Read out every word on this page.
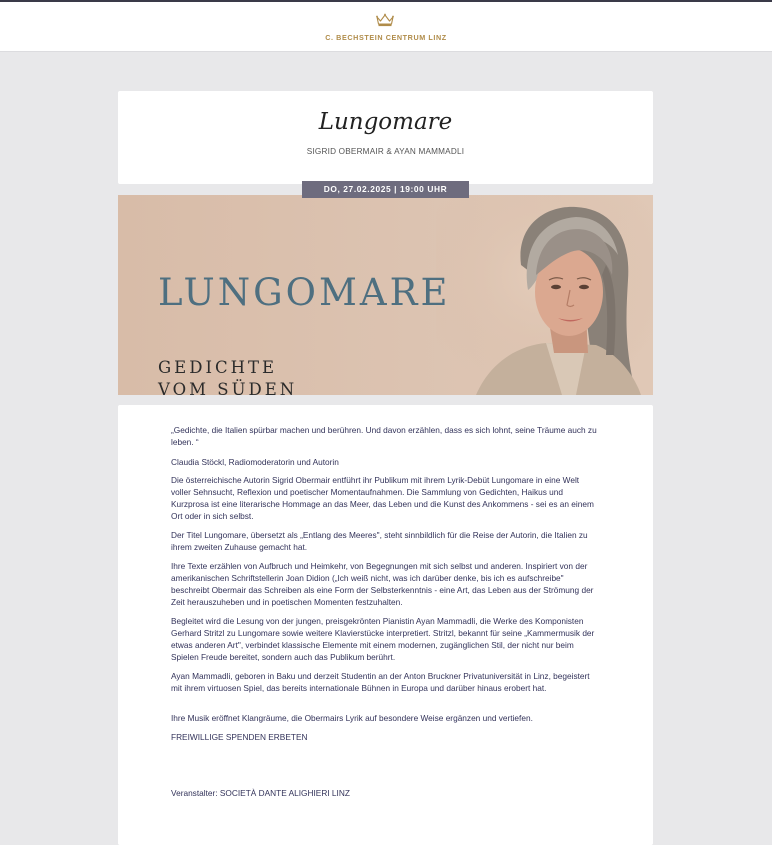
C. BECHSTEIN CENTRUM LINZ
Lungomare
SIGRID OBERMAIR & AYAN MAMMADLI
LUNGOMARE
GEDICHTE
VOM SÜDEN
DO, 27.02.2025 | 19:00 UHR

„Gedichte, die Italien spürbar machen und berühren. Und davon erzählen, dass es sich lohnt, seine Träume auch zu leben. “

Claudia Stöckl, Radiomoderatorin und Autorin

Die österreichische Autorin Sigrid Obermair entführt ihr Publikum mit ihrem Lyrik-Debüt Lungomare in eine Welt voller Sehnsucht, Reflexion und poetischer Momentaufnahmen. Die Sammlung von Gedichten, Haikus und Kurzprosa ist eine literarische Hommage an das Meer, das Leben und die Kunst des Ankommens - sei es an einem Ort oder in sich selbst.

Der Titel Lungomare, übersetzt als „Entlang des Meeres", steht sinnbildlich für die Reise der Autorin, die Italien zu ihrem zweiten Zuhause gemacht hat.

Ihre Texte erzählen von Aufbruch und Heimkehr, von Begegnungen mit sich selbst und anderen. Inspiriert von der amerikanischen Schriftstellerin Joan Didion („Ich weiß nicht, was ich darüber denke, bis ich es aufschreibe" beschreibt Obermair das Schreiben als eine Form der Selbsterkenntnis - eine Art, das Leben aus der Strömung der Zeit herauszuheben und in poetischen Momenten festzuhalten.

Begleitet wird die Lesung von der jungen, preisgekrönten Pianistin Ayan Mammadli, die Werke des Komponisten Gerhard Stritzl zu Lungomare sowie weitere Klavierstücke interpretiert. Stritzl, bekannt für seine „Kammermusik der etwas anderen Art", verbindet klassische Elemente mit einem modernen, zugänglichen Stil, der nicht nur beim Spielen Freude bereitet, sondern auch das Publikum berührt.

Ayan Mammadli, geboren in Baku und derzeit Studentin an der Anton Bruckner Privatuniversität in Linz, begeistert mit ihrem virtuosen Spiel, das bereits internationale Bühnen in Europa und darüber hinaus erobert hat.

Ihre Musik eröffnet Klangräume, die Obermairs Lyrik auf besondere Weise ergänzen und vertiefen.

FREIWILLIGE SPENDEN ERBETEN

Veranstalter: SOCIETÀ DANTE ALIGHIERI LINZ
